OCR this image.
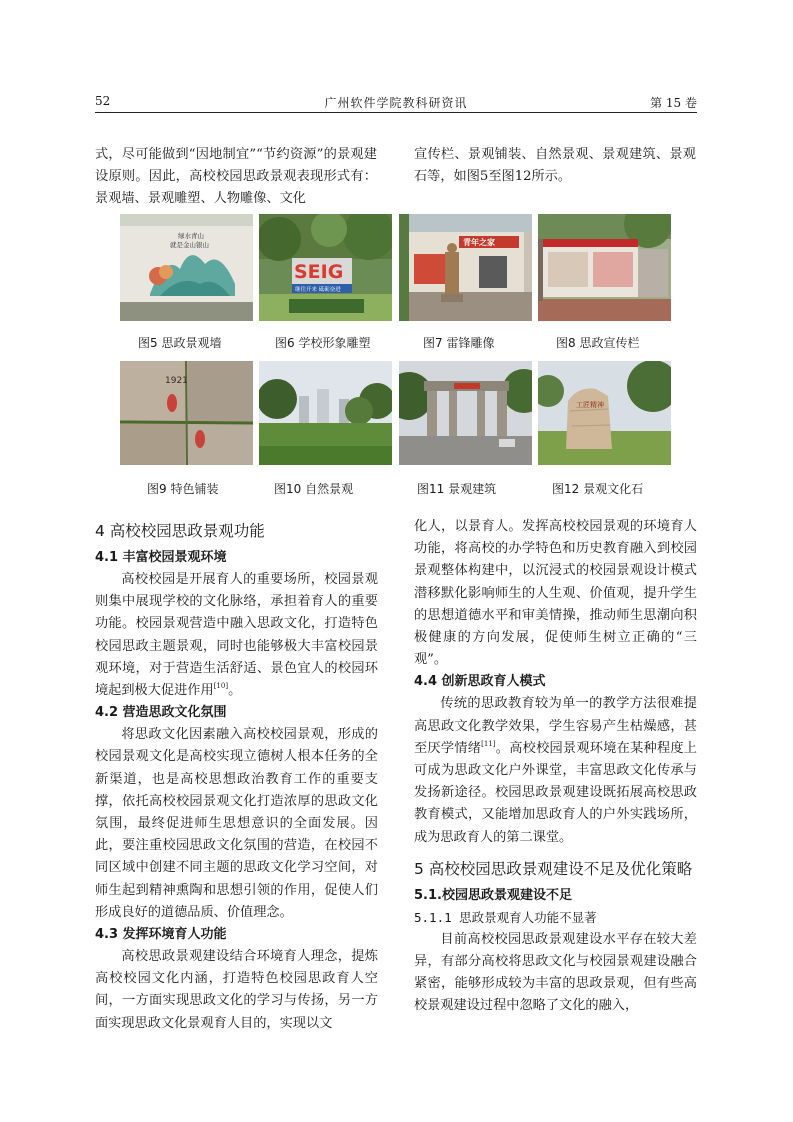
52	广州软件学院教科研资讯	第 15 卷

式，尽可能做到“因地制宜”“节约资源”的景观建设原则。因此，高校校园思政景观表现形式有：景观墙、景观雕塑、人物雕像、文化

宣传栏、景观铺装、自然景观、景观建筑、景观石等，如图5至图12所示。

绿水青山
就是金山银山
图5 思政景观墙
SEIG
继往开来 砥砺奋进
图6 学校形象雕塑
青年之家
图7 雷锋雕像	图8 思政宣传栏
1921
图9 特色铺装	图10 自然景观	图11 景观建筑
工匠精神
图12 景观文化石

4 高校校园思政景观功能

4.1 丰富校园景观环境

高校校园是开展育人的重要场所，校园景观则集中展现学校的文化脉络，承担着育人的重要功能。校园景观营造中融入思政文化，打造特色校园思政主题景观，同时也能够极大丰富校园景观环境，对于营造生活舒适、景色宜人的校园环境起到极大促进作用[10]。

4.2 营造思政文化氛围

将思政文化因素融入高校校园景观，形成的校园景观文化是高校实现立德树人根本任务的全新渠道，也是高校思想政治教育工作的重要支撑，依托高校校园景观文化打造浓厚的思政文化氛围，最终促进师生思想意识的全面发展。因此，要注重校园思政文化氛围的营造，在校园不同区域中创建不同主题的思政文化学习空间，对师生起到精神熏陶和思想引领的作用，促使人们形成良好的道德品质、价值理念。

4.3 发挥环境育人功能

高校思政景观建设结合环境育人理念，提炼高校校园文化内涵，打造特色校园思政育人空间，一方面实现思政文化的学习与传扬，另一方面实现思政文化景观育人目的，实现以文

化人，以景育人。发挥高校校园景观的环境育人功能，将高校的办学特色和历史教育融入到校园景观整体构建中，以沉浸式的校园景观设计模式潜移默化影响师生的人生观、价值观，提升学生的思想道德水平和审美情操，推动师生思潮向积极健康的方向发展，促使师生树立正确的“三观”。

4.4 创新思政育人模式

传统的思政教育较为单一的教学方法很难提高思政文化教学效果，学生容易产生枯燥感，甚至厌学情绪[11]。高校校园景观环境在某种程度上可成为思政文化户外课堂，丰富思政文化传承与发扬新途径。校园思政景观建设既拓展高校思政教育模式，又能增加思政育人的户外实践场所，成为思政育人的第二课堂。

5 高校校园思政景观建设不足及优化策略

5.1.校园思政景观建设不足

5.1.1 思政景观育人功能不显著

目前高校校园思政景观建设水平存在较大差异，有部分高校将思政文化与校园景观建设融合紧密，能够形成较为丰富的思政景观，但有些高校景观建设过程中忽略了文化的融入，
